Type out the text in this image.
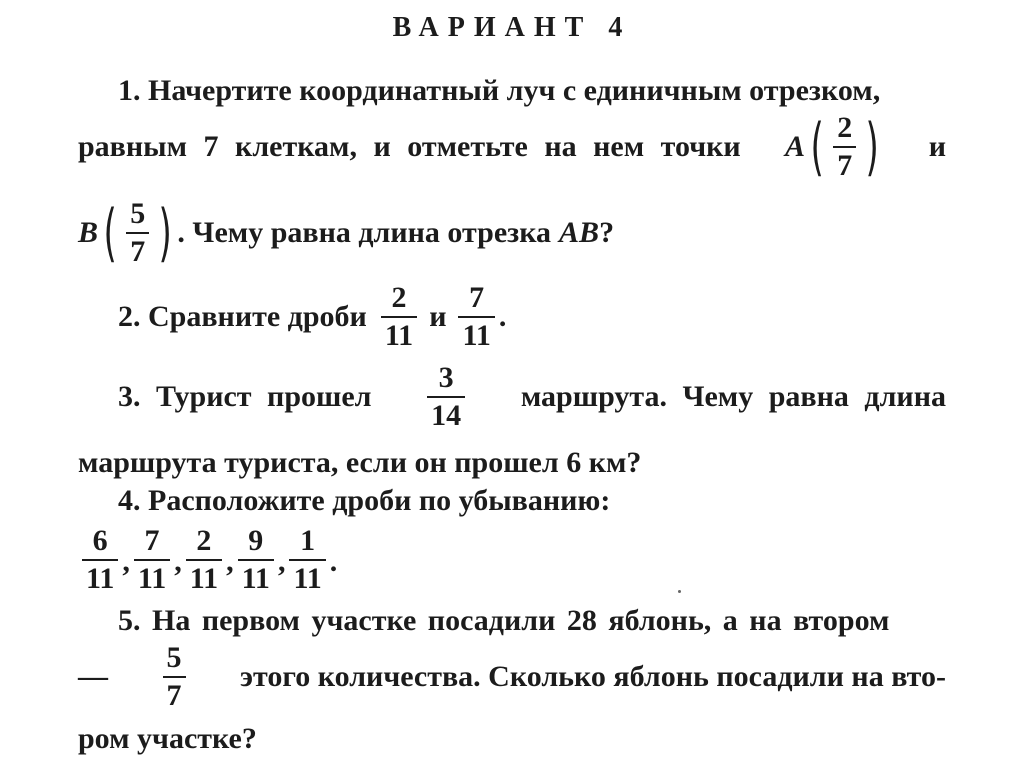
ВАРИАНТ 4
1. Начертите координатный луч с единичным отрезком,
равным 7 клеткам, и отметьте на нем точки A ( $\frac{2}{7}$ ) и
B ( $\frac{5}{7}$ ) . Чему равна длина отрезка AB ?
2. Сравните дроби $\frac{2}{11}$ и $\frac{7}{11}$ .
3. Турист прошел $\frac{3}{14}$ маршрута. Чему равна длина
маршрута туриста, если он прошел 6 км?
4. Расположите дроби по убыванию:
$\frac{6}{11}$ , $\frac{7}{11}$ , $\frac{2}{11}$ , $\frac{9}{11}$ , $\frac{1}{11}$ .
5. На первом участке посадили 28 яблонь, а на втором
— $\frac{5}{7}$ этого количества. Сколько яблонь посадили на вто-
ром участке?
